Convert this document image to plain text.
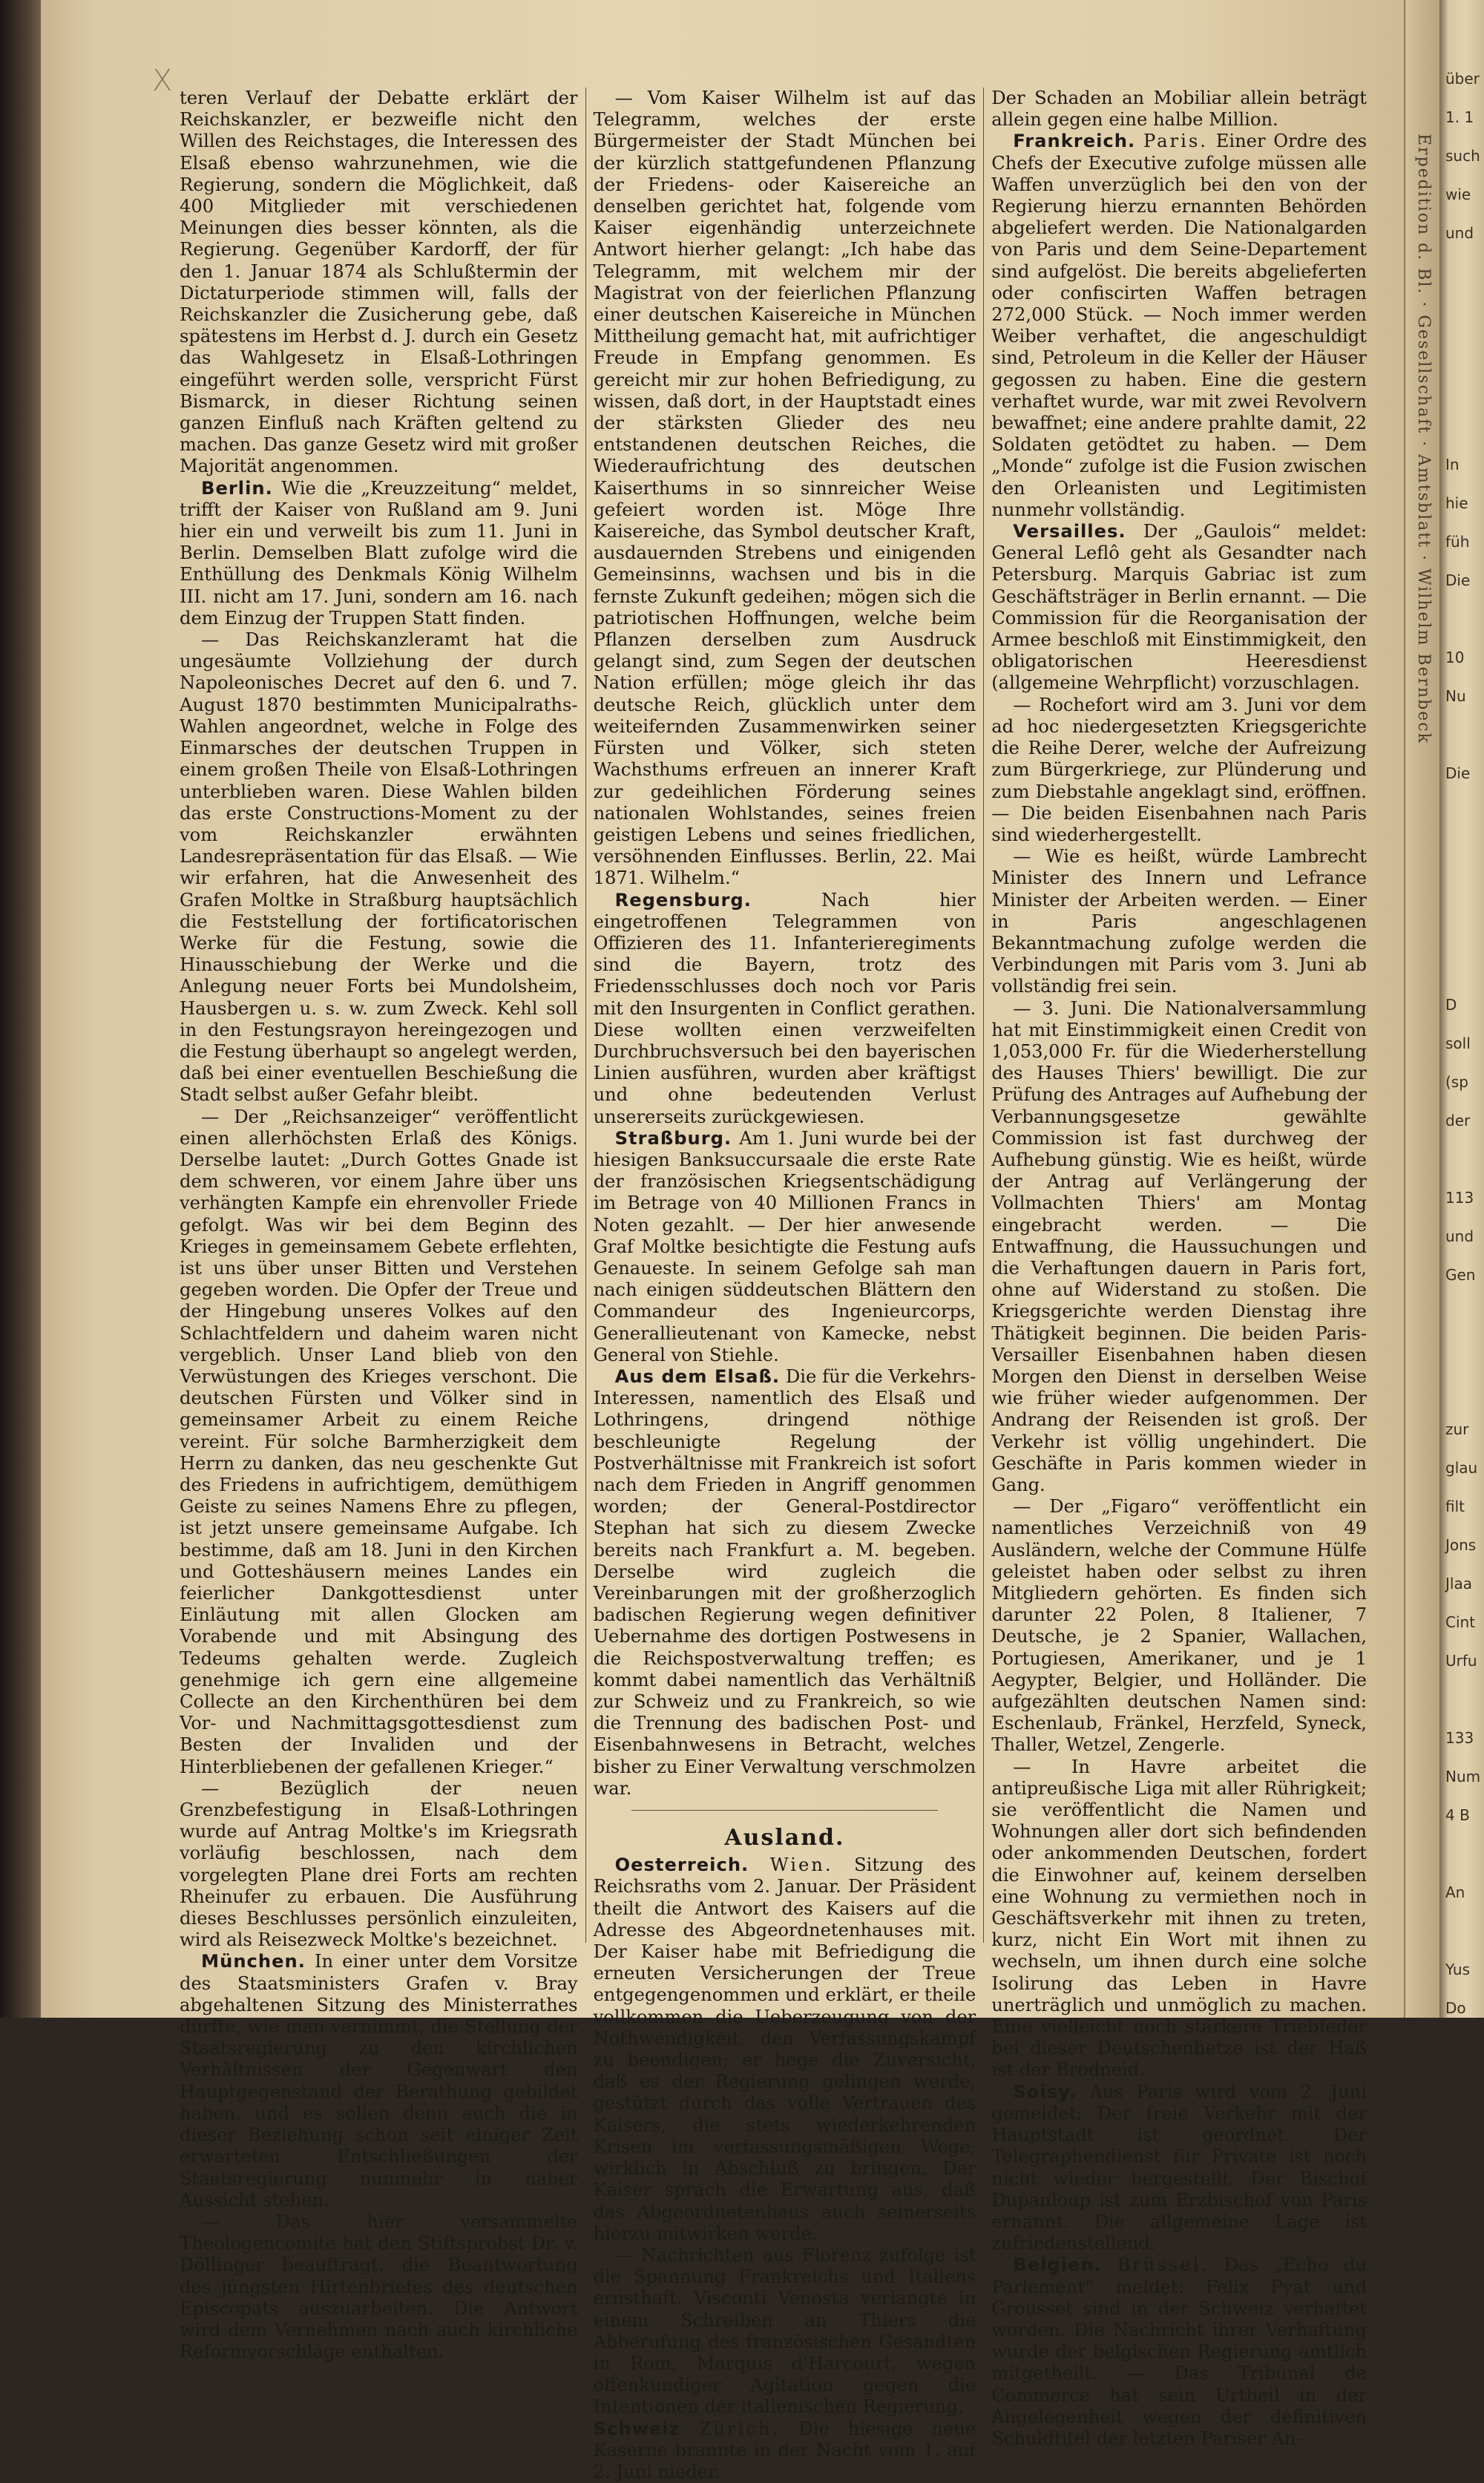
X teren Verlauf der Debatte erklärt der Reichskanzler, er bezweifle nicht den Willen des Reichstages, die Interessen des Elsaß ebenso wahrzunehmen, wie die Regierung, sondern die Möglichkeit, daß 400 Mitglieder mit verschiedenen Meinungen dies besser könnten, als die Regierung. Gegenüber Kardorff, der für den 1. Januar 1874 als Schlußtermin der Dictaturperiode stimmen will, falls der Reichskanzler die Zusicherung gebe, daß spätestens im Herbst d. J. durch ein Gesetz das Wahlgesetz in Elsaß-Lothringen eingeführt werden solle, verspricht Fürst Bismarck, in dieser Richtung seinen ganzen Einfluß nach Kräften geltend zu machen. Das ganze Gesetz wird mit großer Majorität angenommen.

Berlin. Wie die „Kreuzzeitung“ meldet, trifft der Kaiser von Rußland am 9. Juni hier ein und verweilt bis zum 11. Juni in Berlin. Demselben Blatt zufolge wird die Enthüllung des Denkmals König Wilhelm III. nicht am 17. Juni, sondern am 16. nach dem Einzug der Truppen Statt finden.

— Das Reichskanzleramt hat die ungesäumte Vollziehung der durch Napoleonisches Decret auf den 6. und 7. August 1870 bestimmten Municipalraths-Wahlen angeordnet, welche in Folge des Einmarsches der deutschen Truppen in einem großen Theile von Elsaß-Lothringen unterblieben waren. Diese Wahlen bilden das erste Constructions-Moment zu der vom Reichskanzler erwähnten Landesrepräsentation für das Elsaß. — Wie wir erfahren, hat die Anwesenheit des Grafen Moltke in Straßburg hauptsächlich die Feststellung der fortificatorischen Werke für die Festung, sowie die Hinausschiebung der Werke und die Anlegung neuer Forts bei Mundolsheim, Hausbergen u. s. w. zum Zweck. Kehl soll in den Festungsrayon hereingezogen und die Festung überhaupt so angelegt werden, daß bei einer eventuellen Beschießung die Stadt selbst außer Gefahr bleibt.

— Der „Reichsanzeiger“ veröffentlicht einen allerhöchsten Erlaß des Königs. Derselbe lautet: „Durch Gottes Gnade ist dem schweren, vor einem Jahre über uns verhängten Kampfe ein ehrenvoller Friede gefolgt. Was wir bei dem Beginn des Krieges in gemeinsamem Gebete erflehten, ist uns über unser Bitten und Verstehen gegeben worden. Die Opfer der Treue und der Hingebung unseres Volkes auf den Schlachtfeldern und daheim waren nicht vergeblich. Unser Land blieb von den Verwüstungen des Krieges verschont. Die deutschen Fürsten und Völker sind in gemeinsamer Arbeit zu einem Reiche vereint. Für solche Barmherzigkeit dem Herrn zu danken, das neu geschenkte Gut des Friedens in aufrichtigem, demüthigem Geiste zu seines Namens Ehre zu pflegen, ist jetzt unsere gemeinsame Aufgabe. Ich bestimme, daß am 18. Juni in den Kirchen und Gotteshäusern meines Landes ein feierlicher Dankgottesdienst unter Einläutung mit allen Glocken am Vorabende und mit Absingung des Tedeums gehalten werde. Zugleich genehmige ich gern eine allgemeine Collecte an den Kirchenthüren bei dem Vor- und Nachmittagsgottesdienst zum Besten der Invaliden und der Hinterbliebenen der gefallenen Krieger.“

— Bezüglich der neuen Grenzbefestigung in Elsaß-Lothringen wurde auf Antrag Moltke's im Kriegsrath vorläufig beschlossen, nach dem vorgelegten Plane drei Forts am rechten Rheinufer zu erbauen. Die Ausführung dieses Beschlusses persönlich einzuleiten, wird als Reisezweck Moltke's bezeichnet.

München. In einer unter dem Vorsitze des Staatsministers Grafen v. Bray abgehaltenen Sitzung des Ministerrathes dürfte, wie man vernimmt, die Stellung der Staatsregierung zu den kirchlichen Verhältnissen der Gegenwart den Hauptgegenstand der Berathung gebildet haben, und es sollen denn auch die in dieser Beziehung schon seit einiger Zeit erwarteten Entschließungen der Staatsregierung nunmehr in naher Aussicht stehen.

— Das hier versammelte Theologencomite hat den Stiftsprobst Dr. v. Döllinger beauftragt, die Beantwortung des jüngsten Hirtenbriefes des deutschen Episcopats auszuarbeiten. Die Antwort wird dem Vernehmen nach auch kirchliche Reformvorschläge enthalten.

— Vom Kaiser Wilhelm ist auf das Telegramm, welches der erste Bürgermeister der Stadt München bei der kürzlich stattgefundenen Pflanzung der Friedens- oder Kaisereiche an denselben gerichtet hat, folgende vom Kaiser eigenhändig unterzeichnete Antwort hierher gelangt: „Ich habe das Telegramm, mit welchem mir der Magistrat von der feierlichen Pflanzung einer deutschen Kaisereiche in München Mittheilung gemacht hat, mit aufrichtiger Freude in Empfang genommen. Es gereicht mir zur hohen Befriedigung, zu wissen, daß dort, in der Hauptstadt eines der stärksten Glieder des neu entstandenen deutschen Reiches, die Wiederaufrichtung des deutschen Kaiserthums in so sinnreicher Weise gefeiert worden ist. Möge Ihre Kaisereiche, das Symbol deutscher Kraft, ausdauernden Strebens und einigenden Gemeinsinns, wachsen und bis in die fernste Zukunft gedeihen; mögen sich die patriotischen Hoffnungen, welche beim Pflanzen derselben zum Ausdruck gelangt sind, zum Segen der deutschen Nation erfüllen; möge gleich ihr das deutsche Reich, glücklich unter dem weiteifernden Zusammenwirken seiner Fürsten und Völker, sich steten Wachsthums erfreuen an innerer Kraft zur gedeihlichen Förderung seines nationalen Wohlstandes, seines freien geistigen Lebens und seines friedlichen, versöhnenden Einflusses. Berlin, 22. Mai 1871. Wilhelm.“

Regensburg.	Nach hier eingetroffenen Telegrammen von Offizieren des 11. Infanterieregiments sind die Bayern, trotz des Friedensschlusses doch noch vor Paris mit den Insurgenten in Conflict gerathen. Diese wollten einen verzweifelten Durchbruchsversuch bei den bayerischen Linien ausführen, wurden aber kräftigst und ohne bedeutenden Verlust unsererseits zurückgewiesen.

Straßburg. Am 1. Juni wurde bei der hiesigen Banksuccursaale die erste Rate der französischen Kriegsentschädigung im Betrage von 40 Millionen Francs in Noten gezahlt. — Der hier anwesende Graf Moltke besichtigte die Festung aufs Genaueste. In seinem Gefolge sah man nach einigen süddeutschen Blättern den Commandeur des Ingenieurcorps, Generallieutenant von Kamecke, nebst General von Stiehle.

Aus dem Elsaß. Die für die Verkehrs-Interessen, namentlich des Elsaß und Lothringens, dringend nöthige beschleunigte Regelung der Postverhältnisse mit Frankreich ist sofort nach dem Frieden in Angriff genommen worden; der General-Postdirector Stephan hat sich zu diesem Zwecke bereits nach Frankfurt a. M. begeben. Derselbe wird zugleich die Vereinbarungen mit der großherzoglich badischen Regierung wegen definitiver Uebernahme des dortigen Postwesens in die Reichspostverwaltung treffen; es kommt dabei namentlich das Verhältniß zur Schweiz und zu Frankreich, so wie die Trennung des badischen Post- und Eisenbahnwesens in Betracht, welches bisher zu Einer Verwaltung verschmolzen war.

Ausland.

Oesterreich. Wien. Sitzung des Reichsraths vom 2. Januar. Der Präsident theilt die Antwort des Kaisers auf die Adresse des Abgeordnetenhauses mit. Der Kaiser habe mit Befriedigung die erneuten Versicherungen der Treue entgegengenommen und erklärt, er theile vollkommen die Ueberzeugung von der Nothwendigkeit, den Verfassungskampf zu beendigen; er hege die Zuversicht, daß es der Regierung gelingen werde, gestützt durch das volle Vertrauen des Kaisers, die stets wiederkehrenden Krisen im verfassungsmäßigen Wege, wirklich in Abschluß zu bringen. Der Kaiser sprach die Erwartung aus, daß das Abgeordnetenhaus auch seinerseits hierzu mitwirken werde.

— Nachrichten aus Florenz zufolge ist die Spannung Frankreichs und Italiens ernsthaft. Visconti Venosta verlangte in einem Schreiben an Thiers die Abberufung des französischen Gesandten in Rom, Marquis d'Harcourt, wegen offenkundiger Agitation gegen die Intentionen der italienischen Regierung.

Schweiz Zürich. Die hiesige neue Kaserne brannte in der Nacht vom 1. auf 2. Juni nieder.

Der Schaden an Mobiliar allein beträgt allein gegen eine halbe Million.

Frankreich. Paris. Einer Ordre des Chefs der Executive zufolge müssen alle Waffen unverzüglich bei den von der Regierung hierzu ernannten Behörden abgeliefert werden. Die Nationalgarden von Paris und dem Seine-Departement sind aufgelöst. Die bereits abgelieferten oder confiscirten Waffen betragen 272,000 Stück. — Noch immer werden Weiber verhaftet, die angeschuldigt sind, Petroleum in die Keller der Häuser gegossen zu haben. Eine die gestern verhaftet wurde, war mit zwei Revolvern bewaffnet; eine andere prahlte damit, 22 Soldaten getödtet zu haben. — Dem „Monde“ zufolge ist die Fusion zwischen den Orleanisten und Legitimisten nunmehr vollständig.

Versailles. Der „Gaulois“ meldet: General Leflô geht als Gesandter nach Petersburg. Marquis Gabriac ist zum Geschäftsträger in Berlin ernannt. — Die Commission für die Reorganisation der Armee beschloß mit Einstimmigkeit, den obligatorischen Heeresdienst (allgemeine Wehrpflicht) vorzuschlagen.

— Rochefort wird am 3. Juni vor dem ad hoc niedergesetzten Kriegsgerichte die Reihe Derer, welche der Aufreizung zum Bürgerkriege, zur Plünderung und zum Diebstahle angeklagt sind, eröffnen. — Die beiden Eisenbahnen nach Paris sind wiederhergestellt.

— Wie es heißt, würde Lambrecht Minister des Innern und Lefrance Minister der Arbeiten werden. — Einer in Paris angeschlagenen Bekanntmachung zufolge werden die Verbindungen mit Paris vom 3. Juni ab vollständig frei sein.

— 3. Juni. Die Nationalversammlung hat mit Einstimmigkeit einen Credit von 1,053,000 Fr. für die Wiederherstellung des Hauses Thiers' bewilligt. Die zur Prüfung des Antrages auf Aufhebung der Verbannungsgesetze gewählte Commission ist fast durchweg der Aufhebung günstig. Wie es heißt, würde der Antrag auf Verlängerung der Vollmachten Thiers' am Montag eingebracht werden. — Die Entwaffnung, die Haussuchungen und die Verhaftungen dauern in Paris fort, ohne auf Widerstand zu stoßen. Die Kriegsgerichte werden Dienstag ihre Thätigkeit beginnen. Die beiden Paris-Versailler Eisenbahnen haben diesen Morgen den Dienst in derselben Weise wie früher wieder aufgenommen. Der Andrang der Reisenden ist groß. Der Verkehr ist völlig ungehindert. Die Geschäfte in Paris kommen wieder in Gang.

— Der „Figaro“ veröffentlicht ein namentliches Verzeichniß von 49 Ausländern, welche der Commune Hülfe geleistet haben oder selbst zu ihren Mitgliedern gehörten. Es finden sich darunter 22 Polen, 8 Italiener, 7 Deutsche, je 2 Spanier, Wallachen, Portugiesen, Amerikaner, und je 1 Aegypter, Belgier, und Holländer. Die aufgezählten deutschen Namen sind: Eschenlaub, Fränkel, Herzfeld, Syneck, Thaller, Wetzel, Zengerle.

— In Havre arbeitet die antipreußische Liga mit aller Rührigkeit; sie veröffentlicht die Namen und Wohnungen aller dort sich befindenden oder ankommenden Deutschen, fordert die Einwohner auf, keinem derselben eine Wohnung zu vermiethen noch in Geschäftsverkehr mit ihnen zu treten, kurz, nicht Ein Wort mit ihnen zu wechseln, um ihnen durch eine solche Isolirung das Leben in Havre unerträglich und unmöglich zu machen. Eine vielleicht noch stärkere Triebfeder bei dieser Deutschenhetze ist der Haß ist der Brodneid.

Soisy. Aus Paris wird vom 2. Juni gemeldet: Der freie Verkehr mit der Hauptstadt ist geordnet. Der Telegraphendienst für Private ist noch nicht wieder hergestellt. Der Bischof Dupanloup ist zum Erzbischof von Paris ernannt. Die allgemeine Lage ist zufriedenstellend.

Belgien. Brüssel. Das „Echo du Parlement“ meldet: Felix Pyat und Grousset sind in der Schweiz verhaftet worden. Die Nachricht ihrer Verhaftung wurde der belgischen Regierung amtlich mitgetheilt. — Das Tribunal de Commerce hat sein Urtheil in der Angelegenheit wegen der definitiven Schuldtitel der letzten Pariser An-

Erpedition d. Bl. · Gesellschaft · Amtsblatt · Wilhelm Bernbeck
über
1. 1
such
wie
und

In
hie
füh
Die

10
Nu

Die

D
soll
(sp
der

113
und
Gen

zur
glau
filt
Jons
Jlaa
Cint
Urfu

133
Num
4 B

An

Yus
Do
